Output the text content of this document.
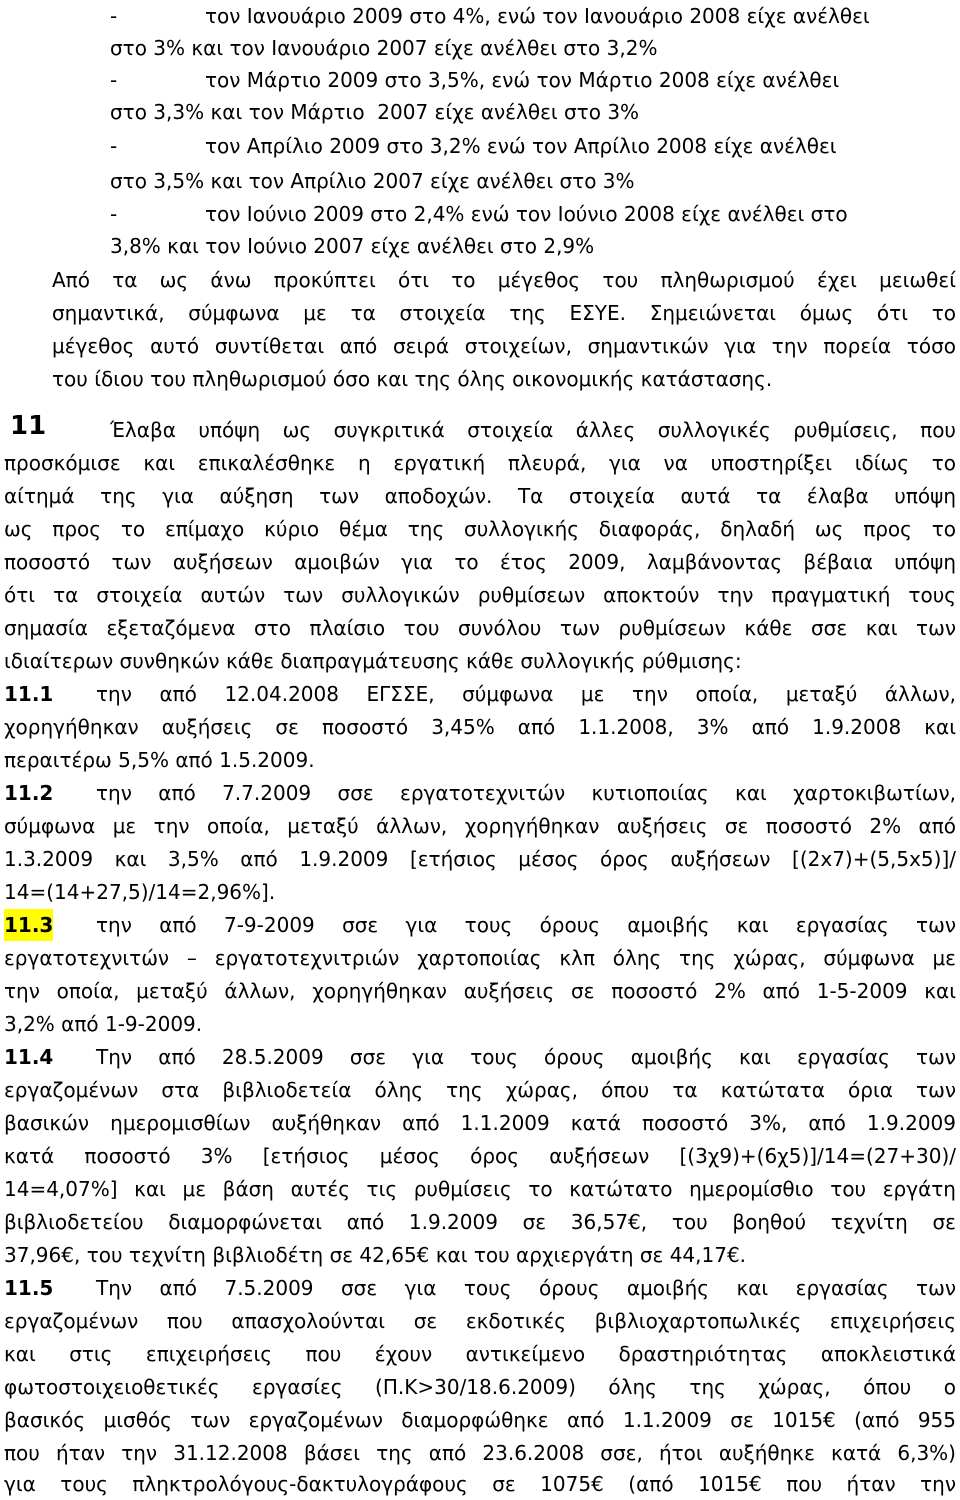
-	τον Ιανουάριο 2009 στο 4%, ενώ τον Ιανουάριο 2008 είχε ανέλθει
στο 3% και τον Ιανουάριο 2007 είχε ανέλθει στο 3,2%
-	τον Μάρτιο 2009 στο 3,5%, ενώ τον Μάρτιο 2008 είχε ανέλθει
στο 3,3% και τον Μάρτιο  2007 είχε ανέλθει στο 3%
-	τον Απρίλιο 2009 στο 3,2% ενώ τον Απρίλιο 2008 είχε ανέλθει
στο 3,5% και τον Απρίλιο 2007 είχε ανέλθει στο 3%
-	τον Ιούνιο 2009 στο 2,4% ενώ τον Ιούνιο 2008 είχε ανέλθει στο
3,8% και τον Ιούνιο 2007 είχε ανέλθει στο 2,9%
Από τα ως άνω προκύπτει ότι το μέγεθος του πληθωρισμού έχει μειωθεί
σημαντικά, σύμφωνα με τα στοιχεία της ΕΣΥΕ. Σημειώνεται όμως ότι το
μέγεθος αυτό συντίθεται από σειρά στοιχείων, σημαντικών για την πορεία τόσο
του ίδιου του πληθωρισμού όσο και της όλης οικονομικής κατάστασης.
11	Έλαβα υπόψη ως συγκριτικά στοιχεία άλλες συλλογικές ρυθμίσεις, που
προσκόμισε και επικαλέσθηκε η εργατική πλευρά, για να υποστηρίξει ιδίως το
αίτημά της για αύξηση των αποδοχών. Τα στοιχεία αυτά τα έλαβα υπόψη
ως προς το επίμαχο κύριο θέμα της συλλογικής διαφοράς, δηλαδή ως προς το
ποσοστό των αυξήσεων αμοιβών για το έτος 2009, λαμβάνοντας βέβαια υπόψη
ότι τα στοιχεία αυτών των συλλογικών ρυθμίσεων αποκτούν την πραγματική τους
σημασία εξεταζόμενα στο πλαίσιο του συνόλου των ρυθμίσεων κάθε σσε και των
ιδιαίτερων συνθηκών κάθε διαπραγμάτευσης κάθε συλλογικής ρύθμισης:
11.1 την από 12.04.2008 ΕΓΣΣΕ, σύμφωνα με την οποία, μεταξύ άλλων,
χορηγήθηκαν αυξήσεις σε ποσοστό 3,45% από 1.1.2008, 3% από 1.9.2008 και
περαιτέρω 5,5% από 1.5.2009.
11.2 την από 7.7.2009 σσε εργατοτεχνιτών κυτιοποιίας και χαρτοκιβωτίων,
σύμφωνα με την οποία, μεταξύ άλλων, χορηγήθηκαν αυξήσεις σε ποσοστό 2% από
1.3.2009 και 3,5% από 1.9.2009 [ετήσιος μέσος όρος αυξήσεων [(2x7)+(5,5x5)]/
14=(14+27,5)/14=2,96%].
11.3 την από 7-9-2009 σσε για τους όρους αμοιβής και εργασίας των
εργατοτεχνιτών – εργατοτεχνιτριών χαρτοποιίας κλπ όλης της χώρας, σύμφωνα με
την οποία, μεταξύ άλλων, χορηγήθηκαν αυξήσεις σε ποσοστό 2% από 1-5-2009 και
3,2% από 1-9-2009.
11.4 Την από 28.5.2009 σσε για τους όρους αμοιβής και εργασίας των
εργαζομένων στα βιβλιοδετεία όλης της χώρας, όπου τα κατώτατα όρια των
βασικών ημερομισθίων αυξήθηκαν από 1.1.2009 κατά ποσοστό 3%, από 1.9.2009
κατά ποσοστό 3% [ετήσιος μέσος όρος αυξήσεων [(3χ9)+(6χ5)]/14=(27+30)/
14=4,07%] και με βάση αυτές τις ρυθμίσεις το κατώτατο ημερομίσθιο του εργάτη
βιβλιοδετείου διαμορφώνεται από 1.9.2009 σε 36,57€, του βοηθού τεχνίτη σε
37,96€, του τεχνίτη βιβλιοδέτη σε 42,65€ και του αρχιεργάτη σε 44,17€.
11.5 Την από 7.5.2009 σσε για τους όρους αμοιβής και εργασίας των
εργαζομένων που απασχολούνται σε εκδοτικές βιβλιοχαρτοπωλικές επιχειρήσεις
και στις επιχειρήσεις που έχουν αντικείμενο δραστηριότητας αποκλειστικά
φωτοστοιχειοθετικές εργασίες (Π.Κ>30/18.6.2009) όλης της χώρας, όπου ο
βασικός μισθός των εργαζομένων διαμορφώθηκε από 1.1.2009 σε 1015€ (από 955
που ήταν την 31.12.2008 βάσει της από 23.6.2008 σσε, ήτοι αυξήθηκε κατά 6,3%)
για τους πληκτρολόγους-δακτυλογράφους σε 1075€ (από 1015€ που ήταν την
